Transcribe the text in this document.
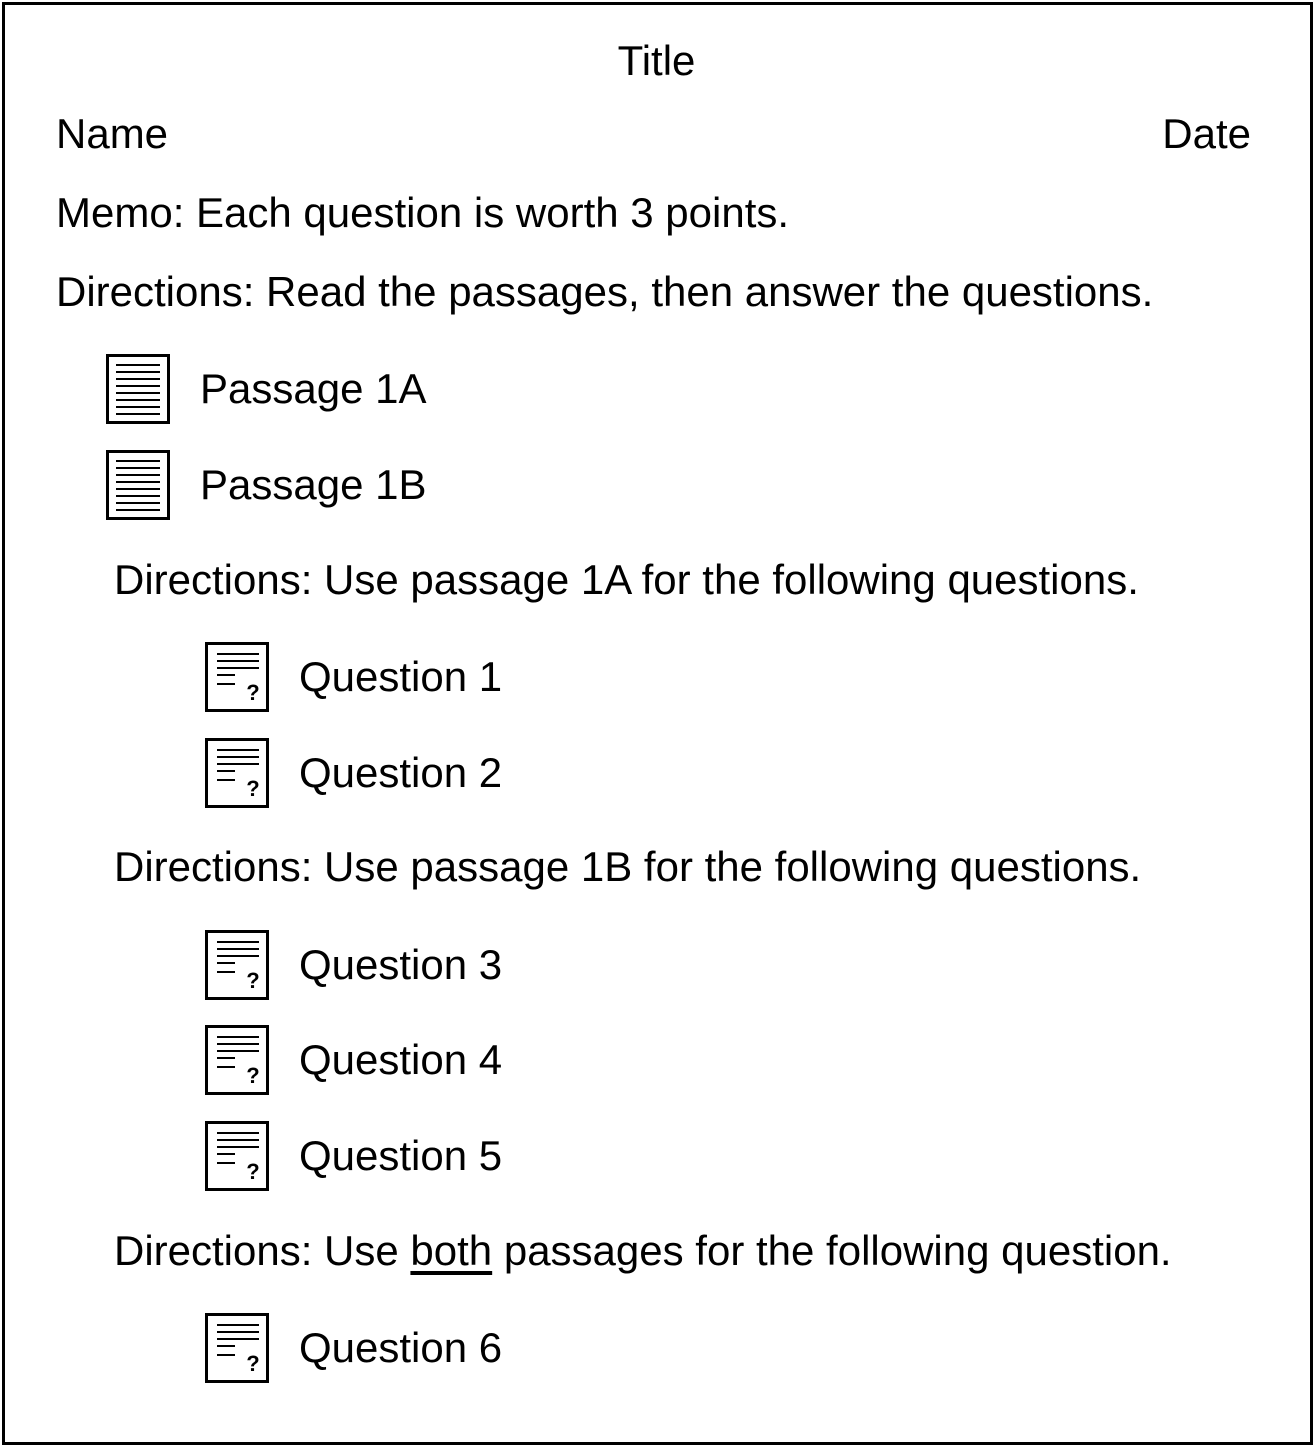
Title
Name	Date
Memo: Each question is worth 3 points.
Directions: Read the passages, then answer the questions.
Passage 1A
Passage 1B
Directions: Use passage 1A for the following questions.
? Question 1
? Question 2
Directions: Use passage 1B for the following questions.
? Question 3
? Question 4
? Question 5
Directions: Use both passages for the following question.
? Question 6
